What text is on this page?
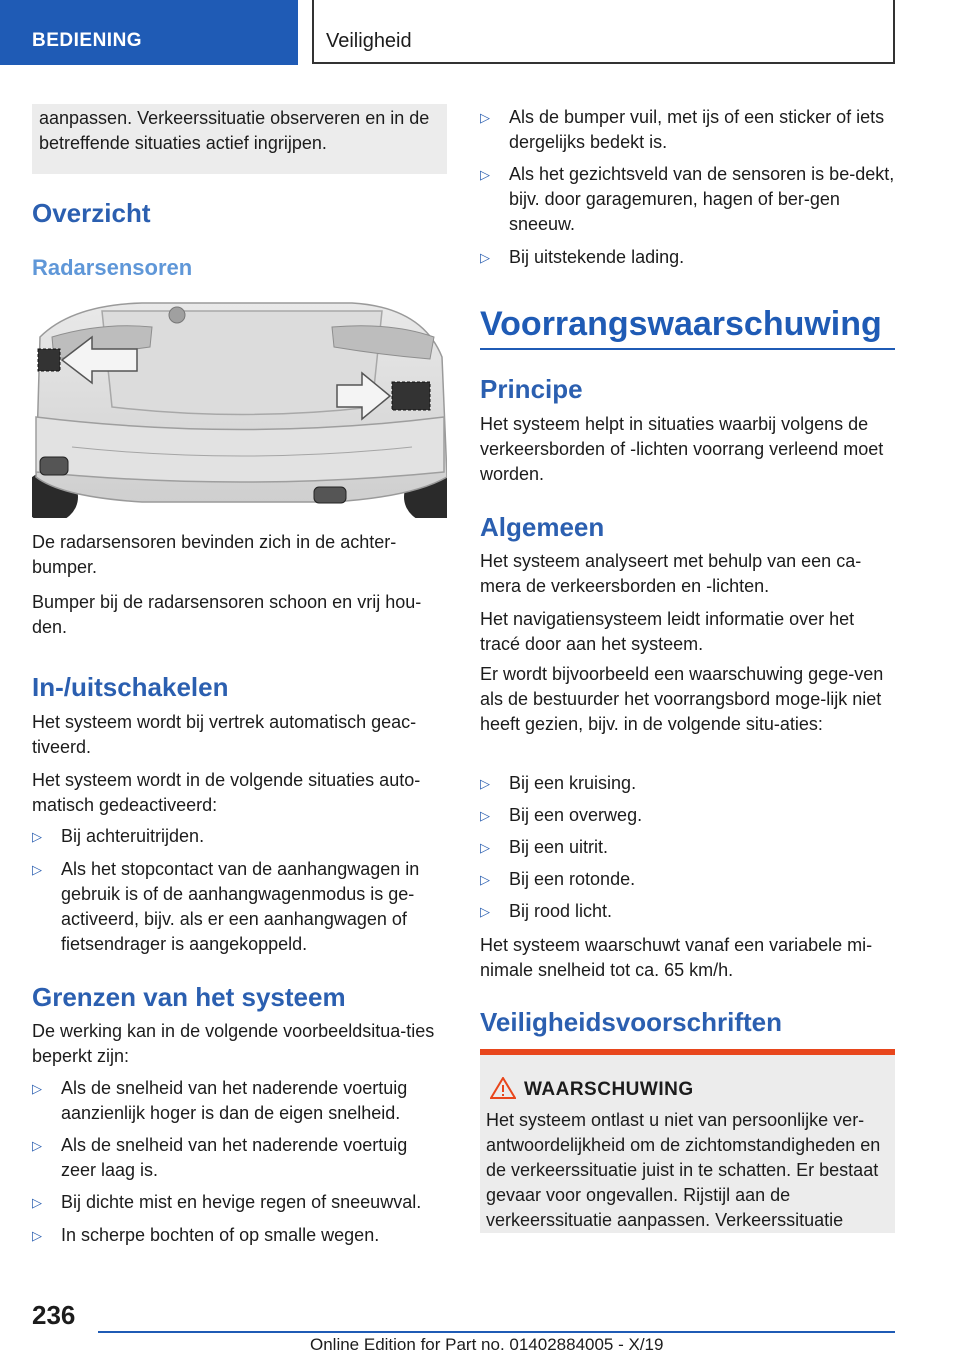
BEDIENING	Veiligheid
aanpassen. Verkeerssituatie observeren en in de betreffende situaties actief ingrijpen.
Overzicht
Radarsensoren

De radarsensoren bevinden zich in de achter-bumper.

Bumper bij de radarsensoren schoon en vrij hou-den.

In-/uitschakelen

Het systeem wordt bij vertrek automatisch geac-tiveerd.

Het systeem wordt in de volgende situaties auto-matisch gedeactiveerd:

▷ Bij achteruitrijden.
▷ Als het stopcontact van de aanhangwagen in gebruik is of de aanhangwagenmodus is ge-activeerd, bijv. als er een aanhangwagen of fietsendrager is aangekoppeld.
Grenzen van het systeem

De werking kan in de volgende voorbeeldsitua-ties beperkt zijn:

▷ Als de snelheid van het naderende voertuig aanzienlijk hoger is dan de eigen snelheid.
▷ Als de snelheid van het naderende voertuig zeer laag is.
▷ Bij dichte mist en hevige regen of sneeuwval.
▷ In scherpe bochten of op smalle wegen.
▷ Als de bumper vuil, met ijs of een sticker of iets dergelijks bedekt is.
▷ Als het gezichtsveld van de sensoren is be-dekt, bijv. door garagemuren, hagen of ber-gen sneeuw.
▷ Bij uitstekende lading.
Voorrangswaarschuwing
Principe

Het systeem helpt in situaties waarbij volgens de verkeersborden of -lichten voorrang verleend moet worden.

Algemeen

Het systeem analyseert met behulp van een ca-mera de verkeersborden en -lichten.

Het navigatiensysteem leidt informatie over het tracé door aan het systeem.

Er wordt bijvoorbeeld een waarschuwing gege-ven als de bestuurder het voorrangsbord moge-lijk niet heeft gezien, bijv. in de volgende situ-aties:

▷ Bij een kruising.
▷ Bij een overweg.
▷ Bij een uitrit.
▷ Bij een rotonde.
▷ Bij rood licht.

Het systeem waarschuwt vanaf een variabele mi-nimale snelheid tot ca. 65 km/h.

Veiligheidsvoorschriften
WAARSCHUWING
Het systeem ontlast u niet van persoonlijke ver-antwoordelijkheid om de zichtomstandigheden en de verkeerssituatie juist in te schatten. Er bestaat gevaar voor ongevallen. Rijstijl aan de verkeerssituatie aanpassen. Verkeerssituatie
236
Online Edition for Part no. 01402884005 - X/19
